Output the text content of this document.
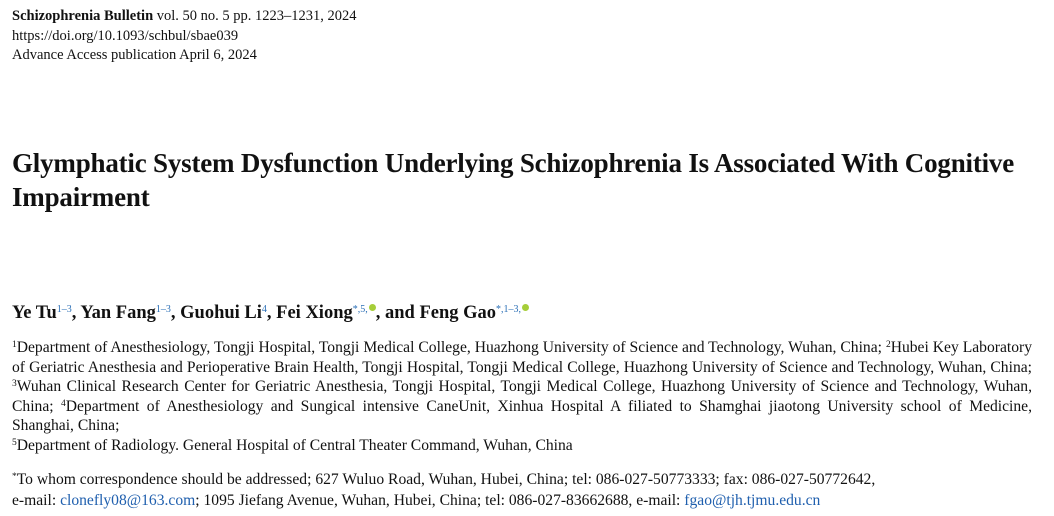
Schizophrenia Bulletin vol. 50 no. 5 pp. 1223–1231, 2024
https://doi.org/10.1093/schbul/sbae039
Advance Access publication April 6, 2024
Glymphatic System Dysfunction Underlying Schizophrenia Is Associated With Cognitive Impairment
Ye Tu$^{1-3}$, Yan Fang$^{1-3}$, Guohui Li$^4$, Fei Xiong$^{*,5,}$ , and Feng Gao$^{*,1-3,}$
$^1$Department of Anesthesiology, Tongji Hospital, Tongji Medical College, Huazhong University of Science and Technology, Wuhan, China; $^2$Hubei Key Laboratory of Geriatric Anesthesia and Perioperative Brain Health, Tongji Hospital, Tongji Medical College, Huazhong University of Science and Technology, Wuhan, China; $^3$Wuhan Clinical Research Center for Geriatric Anesthesia, Tongji Hospital, Tongji Medical College, Huazhong University of Science and Technology, Wuhan, China; $^4$Department of Anesthesiology and Sungical intensive CaneUnit, Xinhua Hospital A filiated to Shamghai jiaotong University school of Medicine, Shanghai, China;
$^5$Department of Radiology. General Hospital of Central Theater Command, Wuhan, China
*To whom correspondence should be addressed; 627 Wuluo Road, Wuhan, Hubei, China; tel: 086-027-50773333; fax: 086-027-50772642,
e-mail: clonefly08@163.com; 1095 Jiefang Avenue, Wuhan, Hubei, China; tel: 086-027-83662688, e-mail: fgao@tjh.tjmu.edu.cn
